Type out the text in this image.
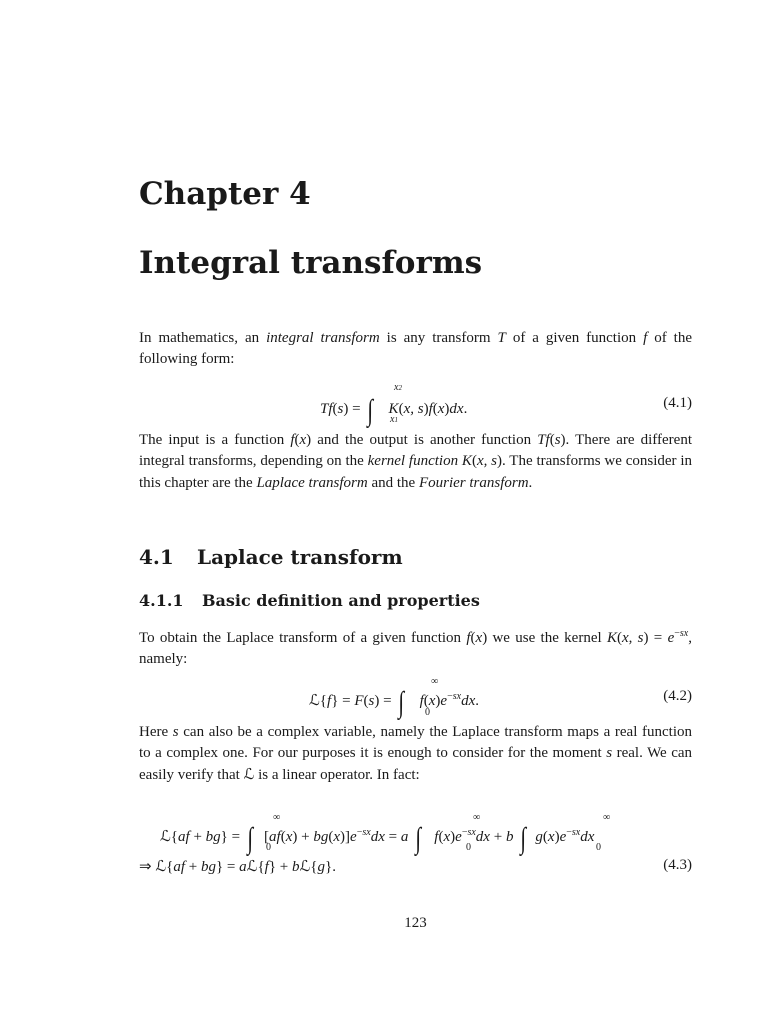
Chapter 4
Integral transforms

In mathematics, an integral transform is any transform T of a given function f of the following form:

Tf(s) = ∫ K(x, s)f(x)dx.
x2
x1
(4.1)

The input is a function f(x) and the output is another function Tf(s). There are different integral transforms, depending on the kernel function K(x, s). The transforms we consider in this chapter are the Laplace transform and the Fourier transform.

4.1 Laplace transform
4.1.1 Basic definition and properties

To obtain the Laplace transform of a given function f(x) we use the kernel K(x, $s) = e^{-sx}$, namely:

ℒ{f} = F(s) = ∫ $f(x)e^{-sx}dx$.
∞
0
(4.2)

Here s can also be a complex variable, namely the Laplace transform maps a real function to a complex one. For our purposes it is enough to consider for the moment s real. We can easily verify that ℒ is a linear operator. In fact:

ℒ{af + bg} = ∫ $[af(x) + bg(x)]e^{-sx}dx = a$ ∫ $f(x)e^{-sx}dx + b$ ∫ $g(x)e^{-sx}dx$
∞
0
∞
0
∞
0
⇒ ℒ{af + bg} = aℒ{f} + bℒ{g}.	(4.3)
123
